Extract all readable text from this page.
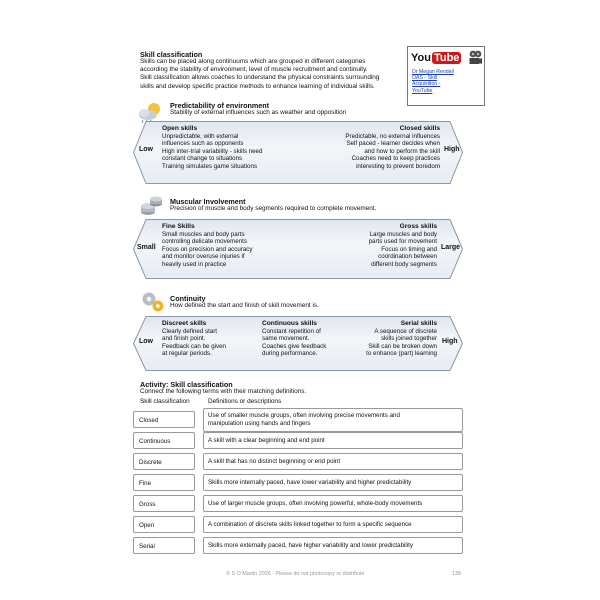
Skill classification
Skills can be placed along continuums which are grouped in different categories
according the stability of environment, level of muscle recruitment and continuity.
Skill classification allows coaches to understand the physical constraints surrounding
skills and develop specific practice methods to enhance learning of individual skills.
You Tube
Dr Megan Rendell
OAS - Skill
Acquisition -
YouTube
Predictability of environment
Stability of external influences such as weather and opposition
Low	High
Open skills
Unpredictable, with external
influences such as opponents
High inter-trial variability - skills need
constant change to situations
Training simulates game situations
Closed skills
Predictable, no external influences
Self paced - learner decides when
and how to perform the skill
Coaches need to keep practices
interesting to prevent boredom
Muscular Involvement
Precision of muscle and body segments required to complete movement.
Small	Large
Fine Skills
Small muscles and body parts
controlling delicate movements
Focus on precision and accuracy
and monitor overuse injuries if
heavily used in practice
Gross skills
Large muscles and body
parts used for movement
Focus on timing and
coordination between
different body segments
Continuity
How defined the start and finish of skill movement is.
Low	High
Discreet skills
Clearly defined start
and finish point.
Feedback can be given
at regular periods.
Continuous skills
Constant repetition of
same movement.
Coaches give feedback
during performance.
Serial skills
A sequence of discrete
skills joined together
Skill can be broken down
to enhance (part) learning
Activity: Skill classification
Connect the following terms with their matching definitions.
Skill classification	Definitions or descriptions
Closed
Use of smaller muscle groups, often involving precise movements and
manipulation using hands and fingers
Continuous	A skill with a clear beginning and end point
Discrete	A skill that has no distinct beginning or end point
Fine	Skills more internally paced, have lower variability and higher predictability
Gross	Use of larger muscle groups, often involving powerful, whole-body movements
Open	A combination of discrete skills linked together to form a specific sequence
Serial	Skills more externally paced, have higher variability and lower predictability
© S O Martin 2026 - Please do not photocopy or distribute	138
